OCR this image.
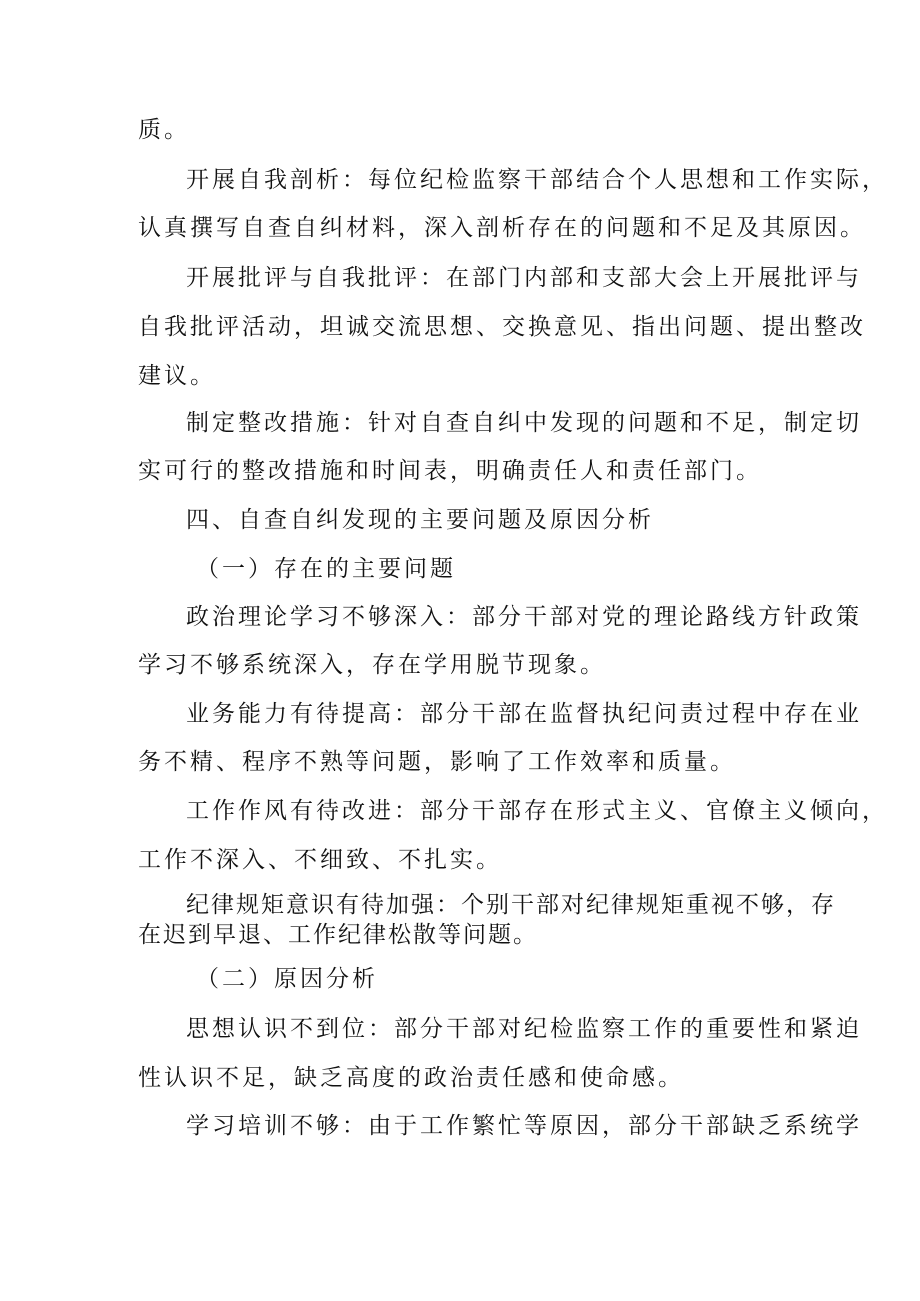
质。
开展自我剖析：每位纪检监察干部结合个人思想和工作实际，
认真撰写自查自纠材料，深入剖析存在的问题和不足及其原因。
开展批评与自我批评：在部门内部和支部大会上开展批评与
自我批评活动，坦诚交流思想、交换意见、指出问题、提出整改
建议。
制定整改措施：针对自查自纠中发现的问题和不足，制定切
实可行的整改措施和时间表，明确责任人和责任部门。
四、自查自纠发现的主要问题及原因分析
（一）存在的主要问题
政治理论学习不够深入：部分干部对党的理论路线方针政策
学习不够系统深入，存在学用脱节现象。
业务能力有待提高：部分干部在监督执纪问责过程中存在业
务不精、程序不熟等问题，影响了工作效率和质量。
工作作风有待改进：部分干部存在形式主义、官僚主义倾向，
工作不深入、不细致、不扎实。
纪律规矩意识有待加强：个别干部对纪律规矩重视不够，存
在迟到早退、工作纪律松散等问题。
（二）原因分析
思想认识不到位：部分干部对纪检监察工作的重要性和紧迫
性认识不足，缺乏高度的政治责任感和使命感。
学习培训不够：由于工作繁忙等原因，部分干部缺乏系统学
